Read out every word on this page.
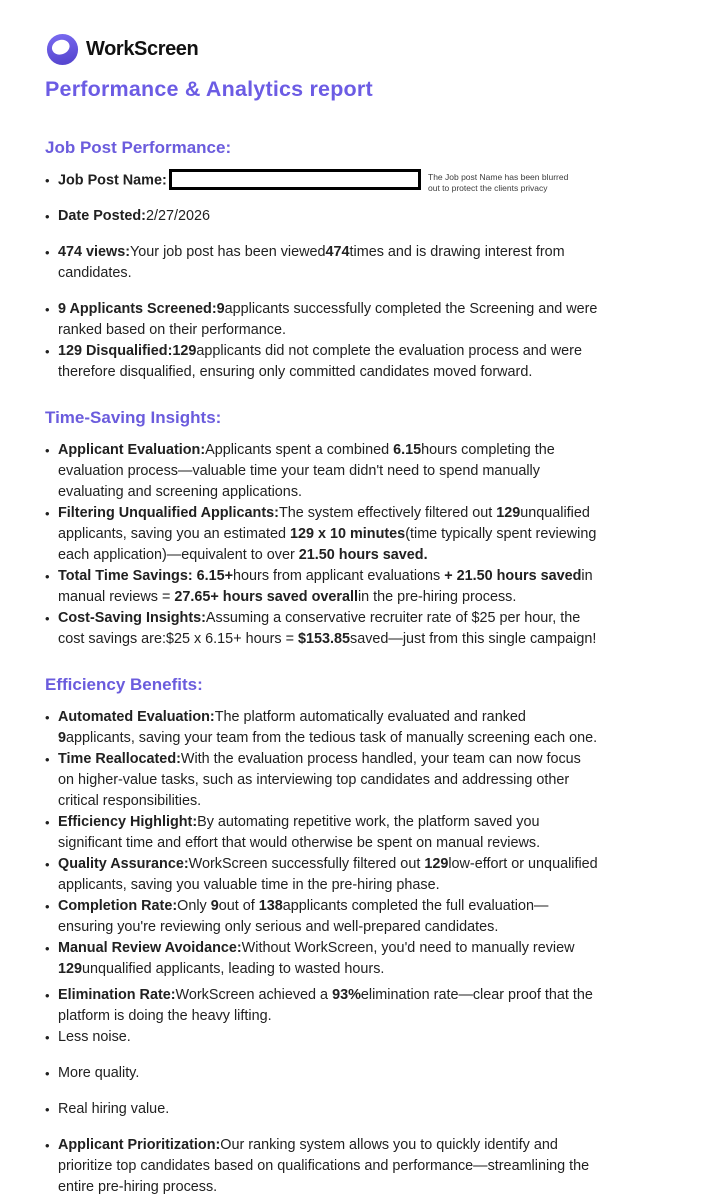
WorkScreen
Performance & Analytics report
Job Post Performance:
• Job Post Name:	The Job post Name has been blurred
out to protect the clients privacy
• Date Posted:2/27/2026
• 474 views:Your job post has been viewed474times and is drawing interest from candidates.
• 9 Applicants Screened:9applicants successfully completed the Screening and were ranked based on their performance.
• 129 Disqualified:129applicants did not complete the evaluation process and were therefore disqualified, ensuring only committed candidates moved forward.
Time-Saving Insights:
• Applicant Evaluation:Applicants spent a combined 6.15hours completing the evaluation process—valuable time your team didn't need to spend manually evaluating and screening applications.
• Filtering Unqualified Applicants:The system effectively filtered out 129unqualified applicants, saving you an estimated 129 x 10 minutes(time typically spent reviewing each application)—equivalent to over 21.50 hours saved.
• Total Time Savings: 6.15+hours from applicant evaluations + 21.50 hours savedin manual reviews = 27.65+ hours saved overallin the pre-hiring process.
• Cost-Saving Insights:Assuming a conservative recruiter rate of $25 per hour, the cost savings are:$25 x 6.15+ hours = $153.85saved—just from this single campaign!
Efficiency Benefits:
• Automated Evaluation:The platform automatically evaluated and ranked 9applicants, saving your team from the tedious task of manually screening each one.
• Time Reallocated:With the evaluation process handled, your team can now focus on higher-value tasks, such as interviewing top candidates and addressing other critical responsibilities.
• Efficiency Highlight:By automating repetitive work, the platform saved you significant time and effort that would otherwise be spent on manual reviews.
• Quality Assurance:WorkScreen successfully filtered out 129low-effort or unqualified applicants, saving you valuable time in the pre-hiring phase.
• Completion Rate:Only 9out of 138applicants completed the full evaluation—ensuring you're reviewing only serious and well-prepared candidates.
• Manual Review Avoidance:Without WorkScreen, you'd need to manually review 129unqualified applicants, leading to wasted hours.
• Elimination Rate:WorkScreen achieved a 93%elimination rate—clear proof that the platform is doing the heavy lifting.
• Less noise.
• More quality.
• Real hiring value.
• Applicant Prioritization:Our ranking system allows you to quickly identify and prioritize top candidates based on qualifications and performance—streamlining the entire pre-hiring process.
